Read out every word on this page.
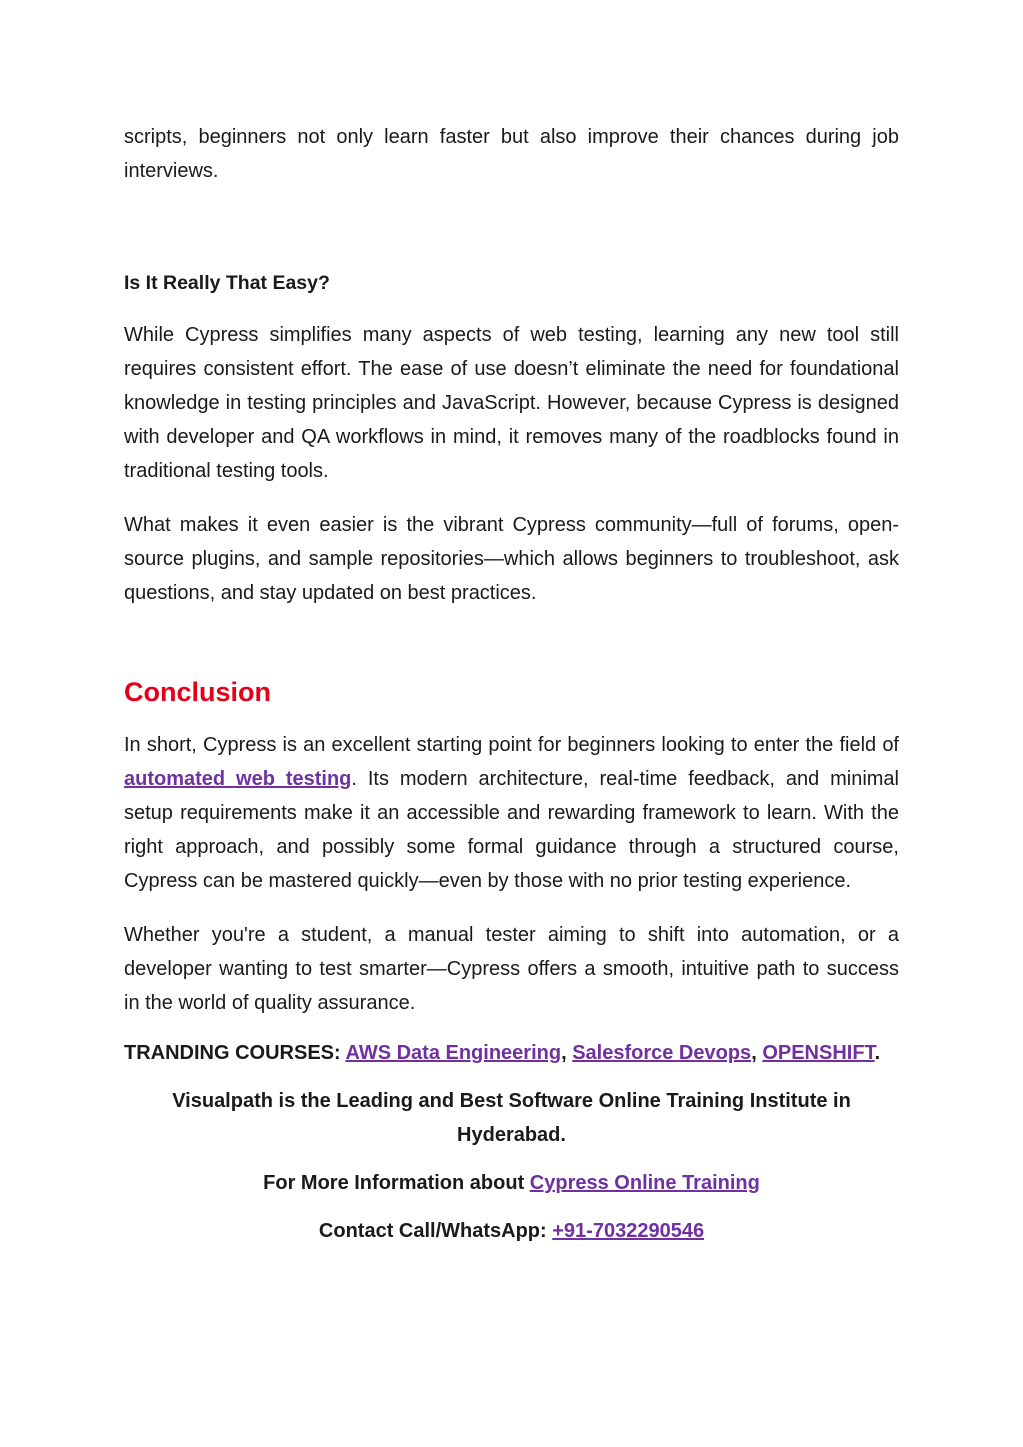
scripts, beginners not only learn faster but also improve their chances during job interviews.

Is It Really That Easy?

While Cypress simplifies many aspects of web testing, learning any new tool still requires consistent effort. The ease of use doesn’t eliminate the need for foundational knowledge in testing principles and JavaScript. However, because Cypress is designed with developer and QA workflows in mind, it removes many of the roadblocks found in traditional testing tools.

What makes it even easier is the vibrant Cypress community—full of forums, open-source plugins, and sample repositories—which allows beginners to troubleshoot, ask questions, and stay updated on best practices.

Conclusion

In short, Cypress is an excellent starting point for beginners looking to enter the field of automated web testing. Its modern architecture, real-time feedback, and minimal setup requirements make it an accessible and rewarding framework to learn. With the right approach, and possibly some formal guidance through a structured course, Cypress can be mastered quickly—even by those with no prior testing experience.

Whether you're a student, a manual tester aiming to shift into automation, or a developer wanting to test smarter—Cypress offers a smooth, intuitive path to success in the world of quality assurance.

TRANDING COURSES: AWS Data Engineering, Salesforce Devops, OPENSHIFT.
Visualpath is the Leading and Best Software Online Training Institute in Hyderabad.
For More Information about Cypress Online Training
Contact Call/WhatsApp: +91-7032290546
